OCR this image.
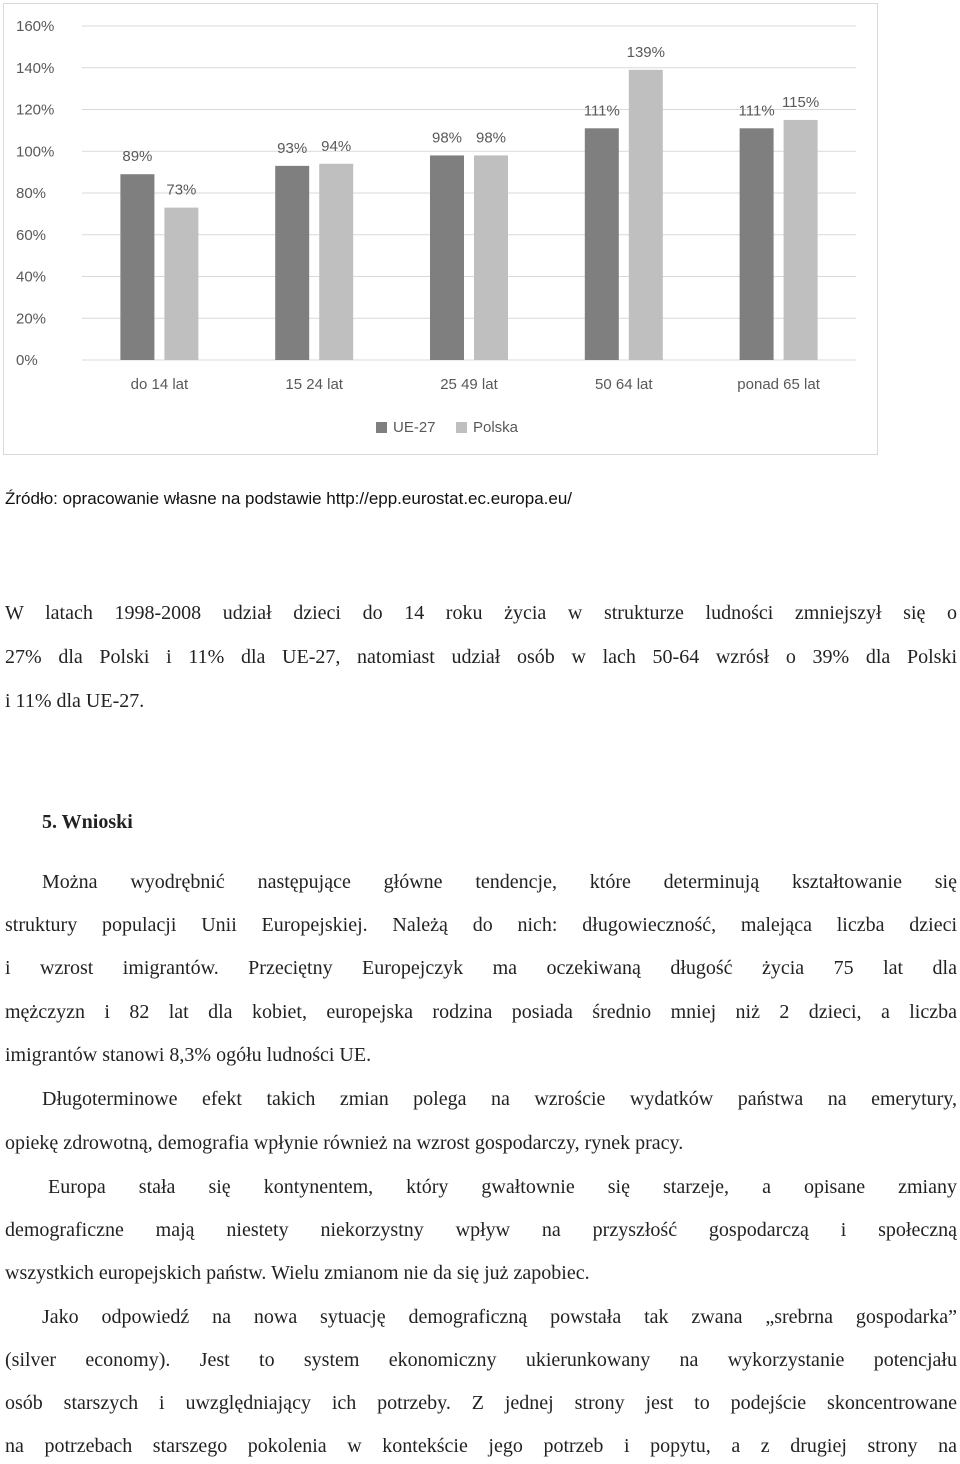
0%
20%
40%
60%
80%
100%
120%
140%
160%
89%
73%
do 14 lat
93% 94%
15 24 lat
98% 98%
25 49 lat
111%
139%
50 64 lat
111% 115%
ponad 65 lat
UE-27 Polska
Źródło: opracowanie własne na podstawie http://epp.eurostat.ec.europa.eu/
W latach 1998-2008 udział dzieci do 14 roku życia w strukturze ludności zmniejszył się o
27% dla Polski i 11% dla UE-27, natomiast udział osób w lach 50-64 wzrósł o 39% dla Polski
i 11% dla UE-27.
5. Wnioski
Można wyodrębnić następujące główne tendencje, które determinują kształtowanie się
struktury populacji Unii Europejskiej. Należą do nich: długowieczność, malejąca liczba dzieci
i wzrost imigrantów. Przeciętny Europejczyk ma oczekiwaną długość życia 75 lat dla
mężczyzn i 82 lat dla kobiet, europejska rodzina posiada średnio mniej niż 2 dzieci, a liczba
imigrantów stanowi 8,3% ogółu ludności UE.
Długoterminowe efekt takich zmian polega na wzroście wydatków państwa na emerytury,
opiekę zdrowotną, demografia wpłynie również na wzrost gospodarczy, rynek pracy.
Europa stała się kontynentem, który gwałtownie się starzeje, a opisane zmiany
demograficzne mają niestety niekorzystny wpływ na przyszłość gospodarczą i społeczną
wszystkich europejskich państw. Wielu zmianom nie da się już zapobiec.
Jako odpowiedź na nowa sytuację demograficzną powstała tak zwana „srebrna gospodarka”
(silver economy). Jest to system ekonomiczny ukierunkowany na wykorzystanie potencjału
osób starszych i uwzględniający ich potrzeby. Z jednej strony jest to podejście skoncentrowane
na potrzebach starszego pokolenia w kontekście jego potrzeb i popytu, a z drugiej strony na
